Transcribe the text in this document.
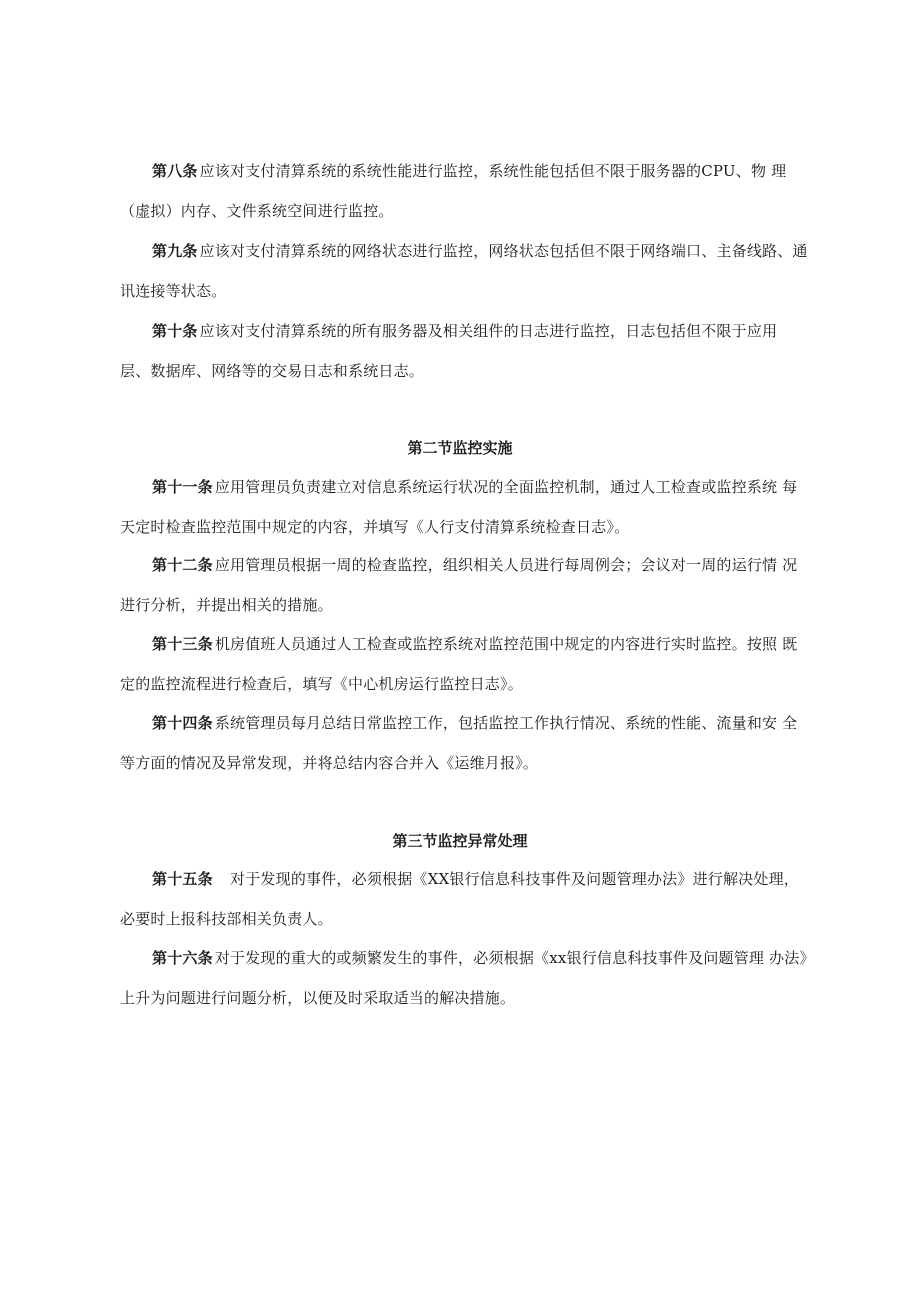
第八条 应该对支付清算系统的系统性能进行监控，系统性能包括但不限于服务器的CPU、物 理（虚拟）内存、文件系统空间进行监控。

第九条 应该对支付清算系统的网络状态进行监控，网络状态包括但不限于网络端口、主备线路、通讯连接等状态。

第十条 应该对支付清算系统的所有服务器及相关组件的日志进行监控，日志包括但不限于应用 层、数据库、网络等的交易日志和系统日志。

第二节监控实施

第十一条 应用管理员负责建立对信息系统运行状况的全面监控机制，通过人工检查或监控系统 每天定时检查监控范围中规定的内容，并填写《人行支付清算系统检查日志》。

第十二条 应用管理员根据一周的检查监控，组织相关人员进行每周例会；会议对一周的运行情 况进行分析，并提出相关的措施。

第十三条 机房值班人员通过人工检查或监控系统对监控范围中规定的内容进行实时监控。按照 既定的监控流程进行检查后，填写《中心机房运行监控日志》。

第十四条 系统管理员每月总结日常监控工作，包括监控工作执行情况、系统的性能、流量和安 全等方面的情况及异常发现，并将总结内容合并入《运维月报》。

第三节监控异常处理

第十五条　对于发现的事件，必须根据《XX银行信息科技事件及问题管理办法》进行解决处理，必要时上报科技部相关负责人。

第十六条 对于发现的重大的或频繁发生的事件，必须根据《xx银行信息科技事件及问题管理 办法》上升为问题进行问题分析，以便及时采取适当的解决措施。
